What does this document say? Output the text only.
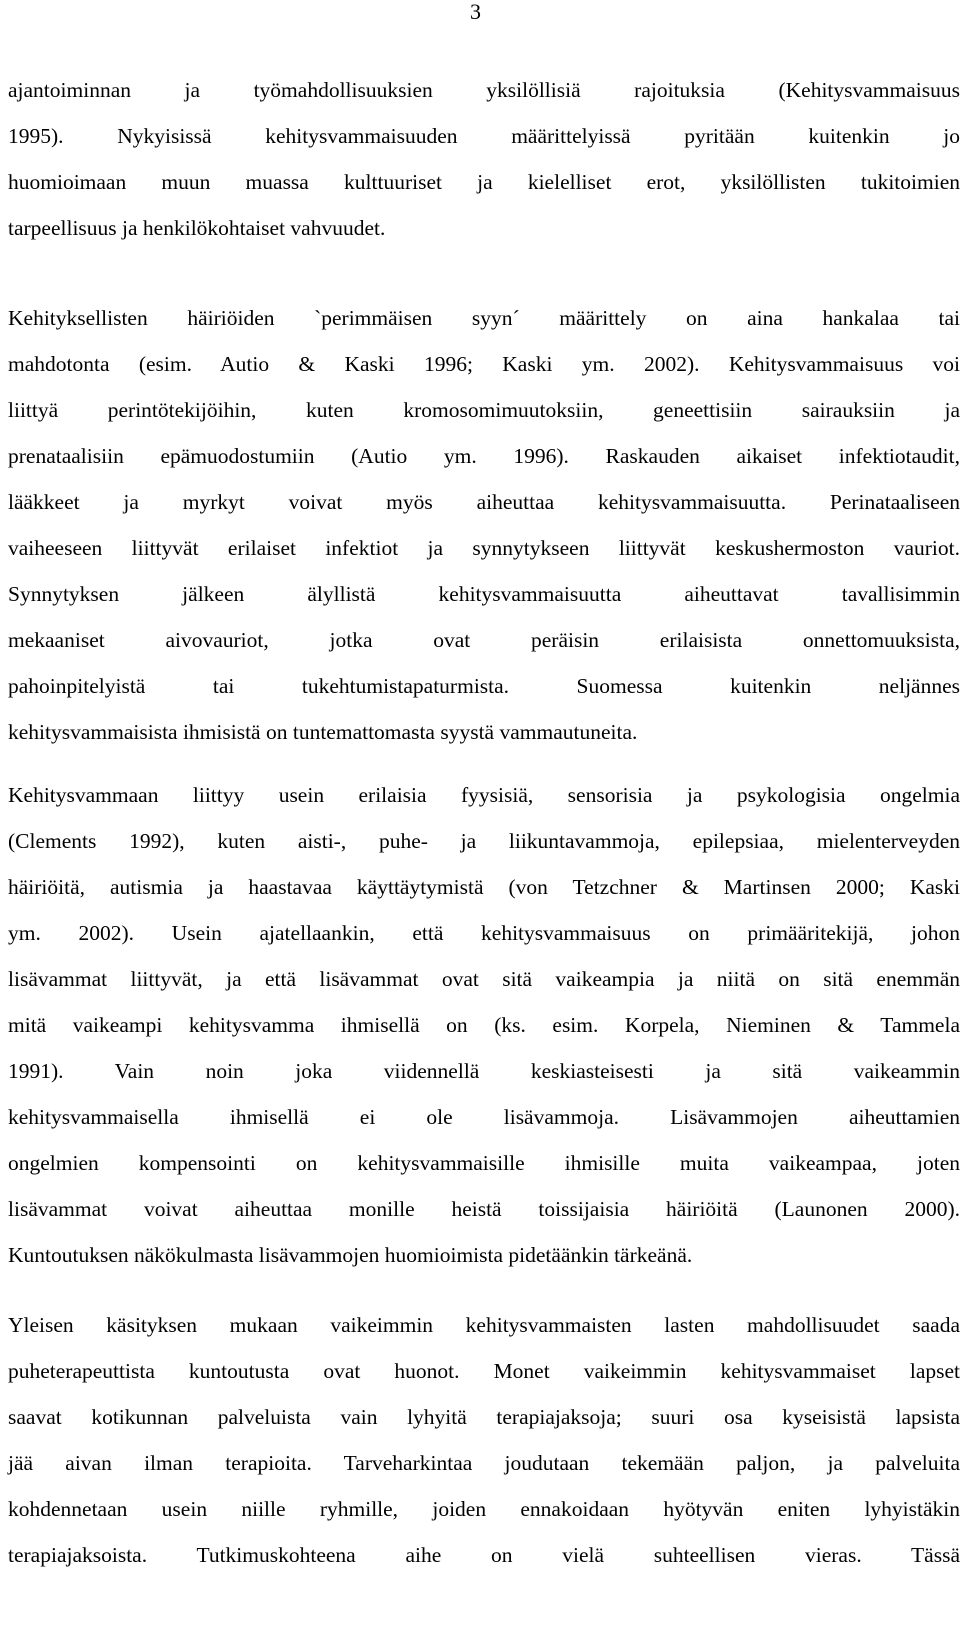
3
ajantoiminnan ja työmahdollisuuksien yksilöllisiä rajoituksia (Kehitysvammaisuus
1995). Nykyisissä kehitysvammaisuuden määrittelyissä pyritään kuitenkin jo
huomioimaan muun muassa kulttuuriset ja kielelliset erot, yksilöllisten tukitoimien
tarpeellisuus ja henkilökohtaiset vahvuudet.
Kehityksellisten häiriöiden `perimmäisen syyn´ määrittely on aina hankalaa tai
mahdotonta (esim. Autio & Kaski 1996; Kaski ym. 2002). Kehitysvammaisuus voi
liittyä perintötekijöihin, kuten kromosomimuutoksiin, geneettisiin sairauksiin ja
prenataalisiin epämuodostumiin (Autio ym. 1996). Raskauden aikaiset infektiotaudit,
lääkkeet ja myrkyt voivat myös aiheuttaa kehitysvammaisuutta. Perinataaliseen
vaiheeseen liittyvät erilaiset infektiot ja synnytykseen liittyvät keskushermoston vauriot.
Synnytyksen jälkeen älyllistä kehitysvammaisuutta aiheuttavat tavallisimmin
mekaaniset aivovauriot, jotka ovat peräisin erilaisista onnettomuuksista,
pahoinpitelyistä tai tukehtumistapaturmista. Suomessa kuitenkin neljännes
kehitysvammaisista ihmisistä on tuntemattomasta syystä vammautuneita.
Kehitysvammaan liittyy usein erilaisia fyysisiä, sensorisia ja psykologisia ongelmia
(Clements 1992), kuten aisti-, puhe- ja liikuntavammoja, epilepsiaa, mielenterveyden
häiriöitä, autismia ja haastavaa käyttäytymistä (von Tetzchner & Martinsen 2000; Kaski
ym. 2002). Usein ajatellaankin, että kehitysvammaisuus on primääritekijä, johon
lisävammat liittyvät, ja että lisävammat ovat sitä vaikeampia ja niitä on sitä enemmän
mitä vaikeampi kehitysvamma ihmisellä on (ks. esim. Korpela, Nieminen & Tammela
1991). Vain noin joka viidennellä keskiasteisesti ja sitä vaikeammin
kehitysvammaisella ihmisellä ei ole lisävammoja. Lisävammojen aiheuttamien
ongelmien kompensointi on kehitysvammaisille ihmisille muita vaikeampaa, joten
lisävammat voivat aiheuttaa monille heistä toissijaisia häiriöitä (Launonen 2000).
Kuntoutuksen näkökulmasta lisävammojen huomioimista pidetäänkin tärkeänä.
Yleisen käsityksen mukaan vaikeimmin kehitysvammaisten lasten mahdollisuudet saada
puheterapeuttista kuntoutusta ovat huonot. Monet vaikeimmin kehitysvammaiset lapset
saavat kotikunnan palveluista vain lyhyitä terapiajaksoja; suuri osa kyseisistä lapsista
jää aivan ilman terapioita. Tarveharkintaa joudutaan tekemään paljon, ja palveluita
kohdennetaan usein niille ryhmille, joiden ennakoidaan hyötyvän eniten lyhyistäkin
terapiajaksoista. Tutkimuskohteena aihe on vielä suhteellisen vieras. Tässä
